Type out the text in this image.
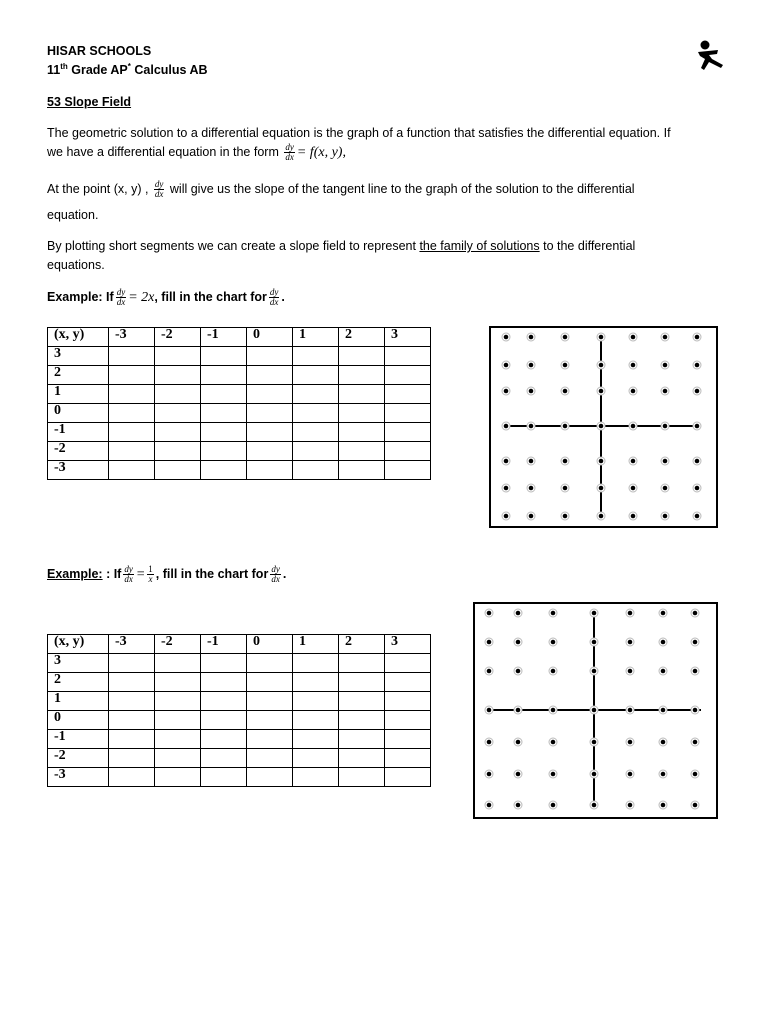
HISAR SCHOOLS
11th Grade AP* Calculus AB
53 Slope Field
The geometric solution to a differential equation is the graph of a function that satisfies the differential equation. If
we have a differential equation in the form $\frac{dy}{dx} = f(x$, y),
At the point (x, y) , $\frac{dy}{dx}$ will give us the slope of the tangent line to the graph of the solution to the differential
equation.
By plotting short segments we can create a slope field to represent the family of solutions to the differential
equations.
Example: If $\frac{dy}{dx} = 2x$, fill in the chart for $\frac{dy}{dx}$ .
(x, y)	-3	-2	-1	0	1	2	3
3							
2							
1							
0							
-1							
-2							
-3							
Example: : If $\frac{dy}{dx} = \frac{1}{x}$ , fill in the chart for $\frac{dy}{dx}$ .
(x, y)	-3	-2	-1	0	1	2	3
3							
2							
1							
0							
-1							
-2							
-3							
